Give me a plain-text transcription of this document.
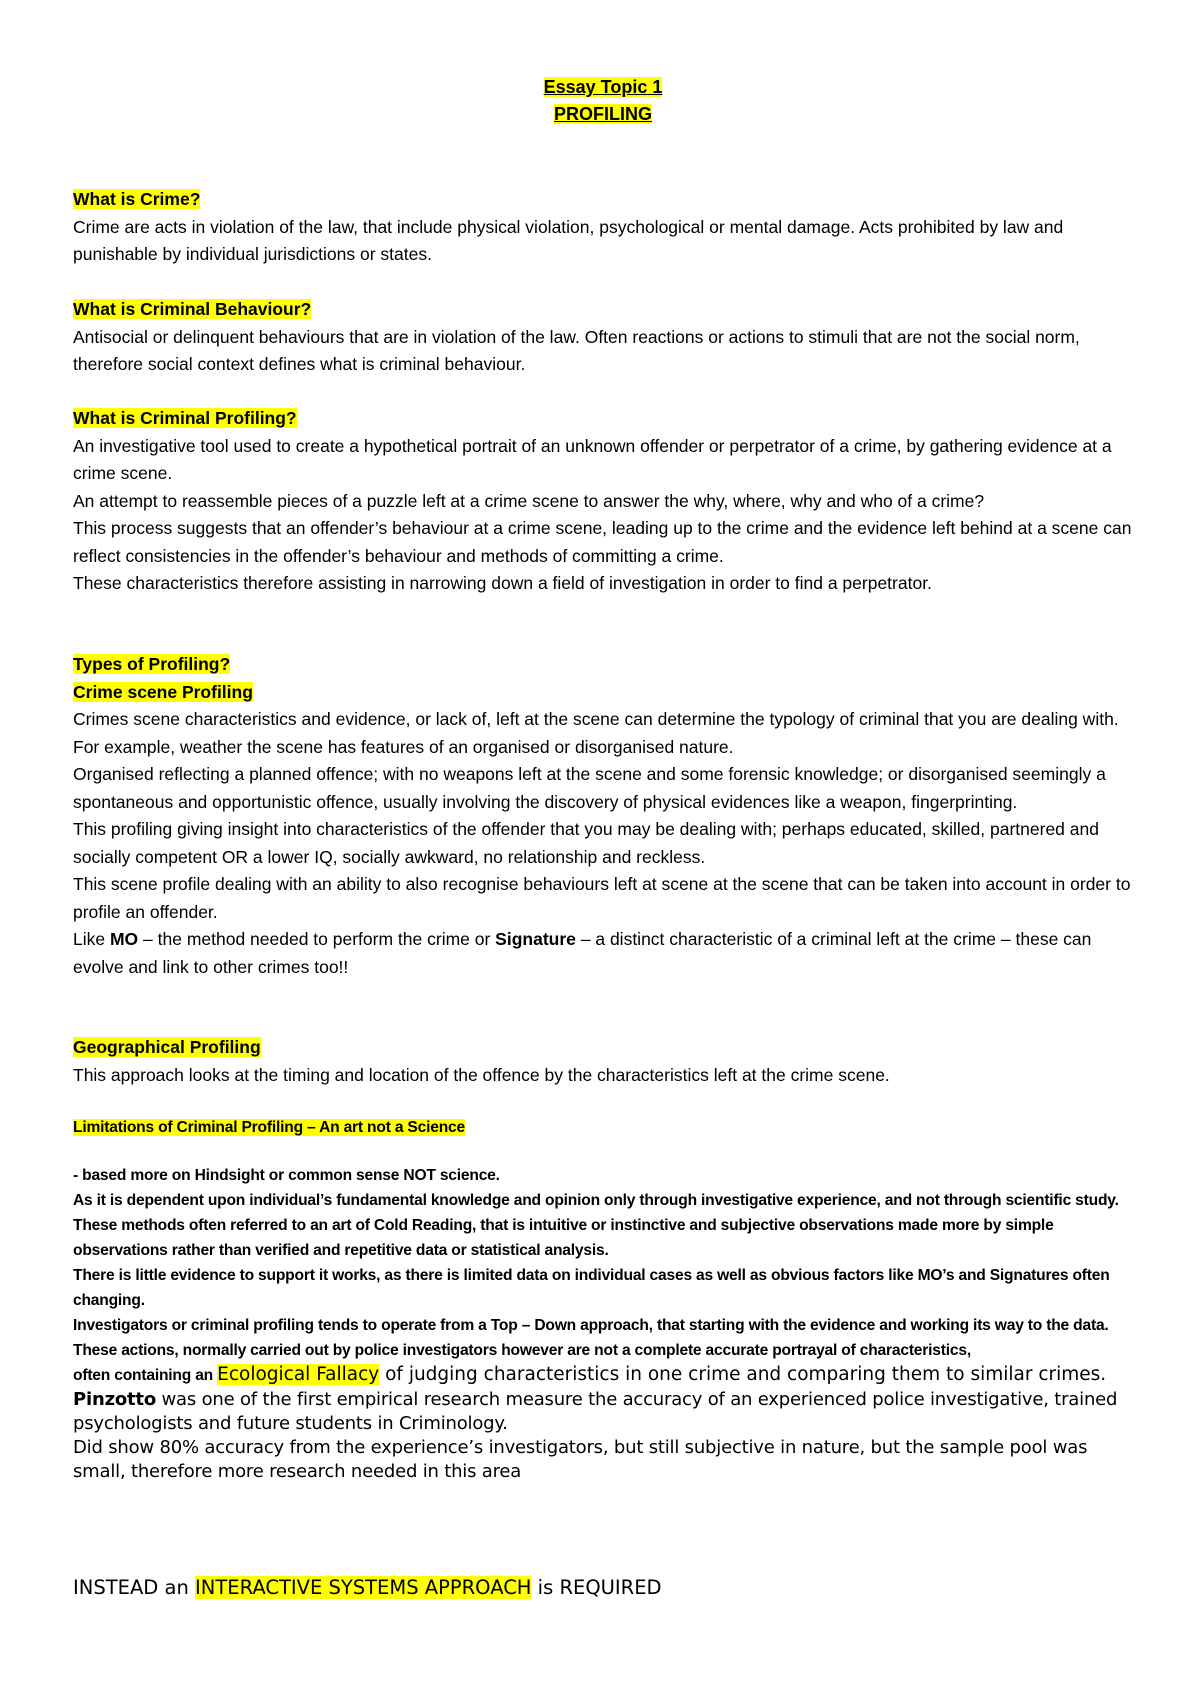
Essay Topic 1
PROFILING
What is Crime?

Crime are acts in violation of the law, that include physical violation, psychological or mental damage. Acts prohibited by law and punishable by individual jurisdictions or states.

What is Criminal Behaviour?

Antisocial or delinquent behaviours that are in violation of the law. Often reactions or actions to stimuli that are not the social norm, therefore social context defines what is criminal behaviour.

What is Criminal Profiling?

An investigative tool used to create a hypothetical portrait of an unknown offender or perpetrator of a crime, by gathering evidence at a crime scene.

An attempt to reassemble pieces of a puzzle left at a crime scene to answer the why, where, why and who of a crime?

This process suggests that an offender’s behaviour at a crime scene, leading up to the crime and the evidence left behind at a scene can reflect consistencies in the offender’s behaviour and methods of committing a crime.

These characteristics therefore assisting in narrowing down a field of investigation in order to find a perpetrator.

Types of Profiling?
Crime scene Profiling

Crimes scene characteristics and evidence, or lack of, left at the scene can determine the typology of criminal that you are dealing with. For example, weather the scene has features of an organised or disorganised nature.

Organised reflecting a planned offence; with no weapons left at the scene and some forensic knowledge; or disorganised seemingly a spontaneous and opportunistic offence, usually involving the discovery of physical evidences like a weapon, fingerprinting.

This profiling giving insight into characteristics of the offender that you may be dealing with; perhaps educated, skilled, partnered and socially competent OR a lower IQ, socially awkward, no relationship and reckless.

This scene profile dealing with an ability to also recognise behaviours left at scene at the scene that can be taken into account in order to profile an offender.

Like MO – the method needed to perform the crime or Signature – a distinct characteristic of a criminal left at the crime – these can evolve and link to other crimes too!!

Geographical Profiling

This approach looks at the timing and location of the offence by the characteristics left at the crime scene.

Limitations of Criminal Profiling – An art not a Science

- based more on Hindsight or common sense NOT science.

As it is dependent upon individual’s fundamental knowledge and opinion only through investigative experience, and not through scientific study.

These methods often referred to an art of Cold Reading, that is intuitive or instinctive and subjective observations made more by simple observations rather than verified and repetitive data or statistical analysis.

There is little evidence to support it works, as there is limited data on individual cases as well as obvious factors like MO’s and Signatures often changing.

Investigators or criminal profiling tends to operate from a Top – Down approach, that starting with the evidence and working its way to the data.

These actions, normally carried out by police investigators however are not a complete accurate portrayal of characteristics,

often containing an Ecological Fallacy of judging characteristics in one crime and comparing them to similar crimes.

Pinzotto was one of the first empirical research measure the accuracy of an experienced police investigative, trained psychologists and future students in Criminology.

Did show 80% accuracy from the experience’s investigators, but still subjective in nature, but the sample pool was small, therefore more research needed in this area

INSTEAD an INTERACTIVE SYSTEMS APPROACH is REQUIRED
